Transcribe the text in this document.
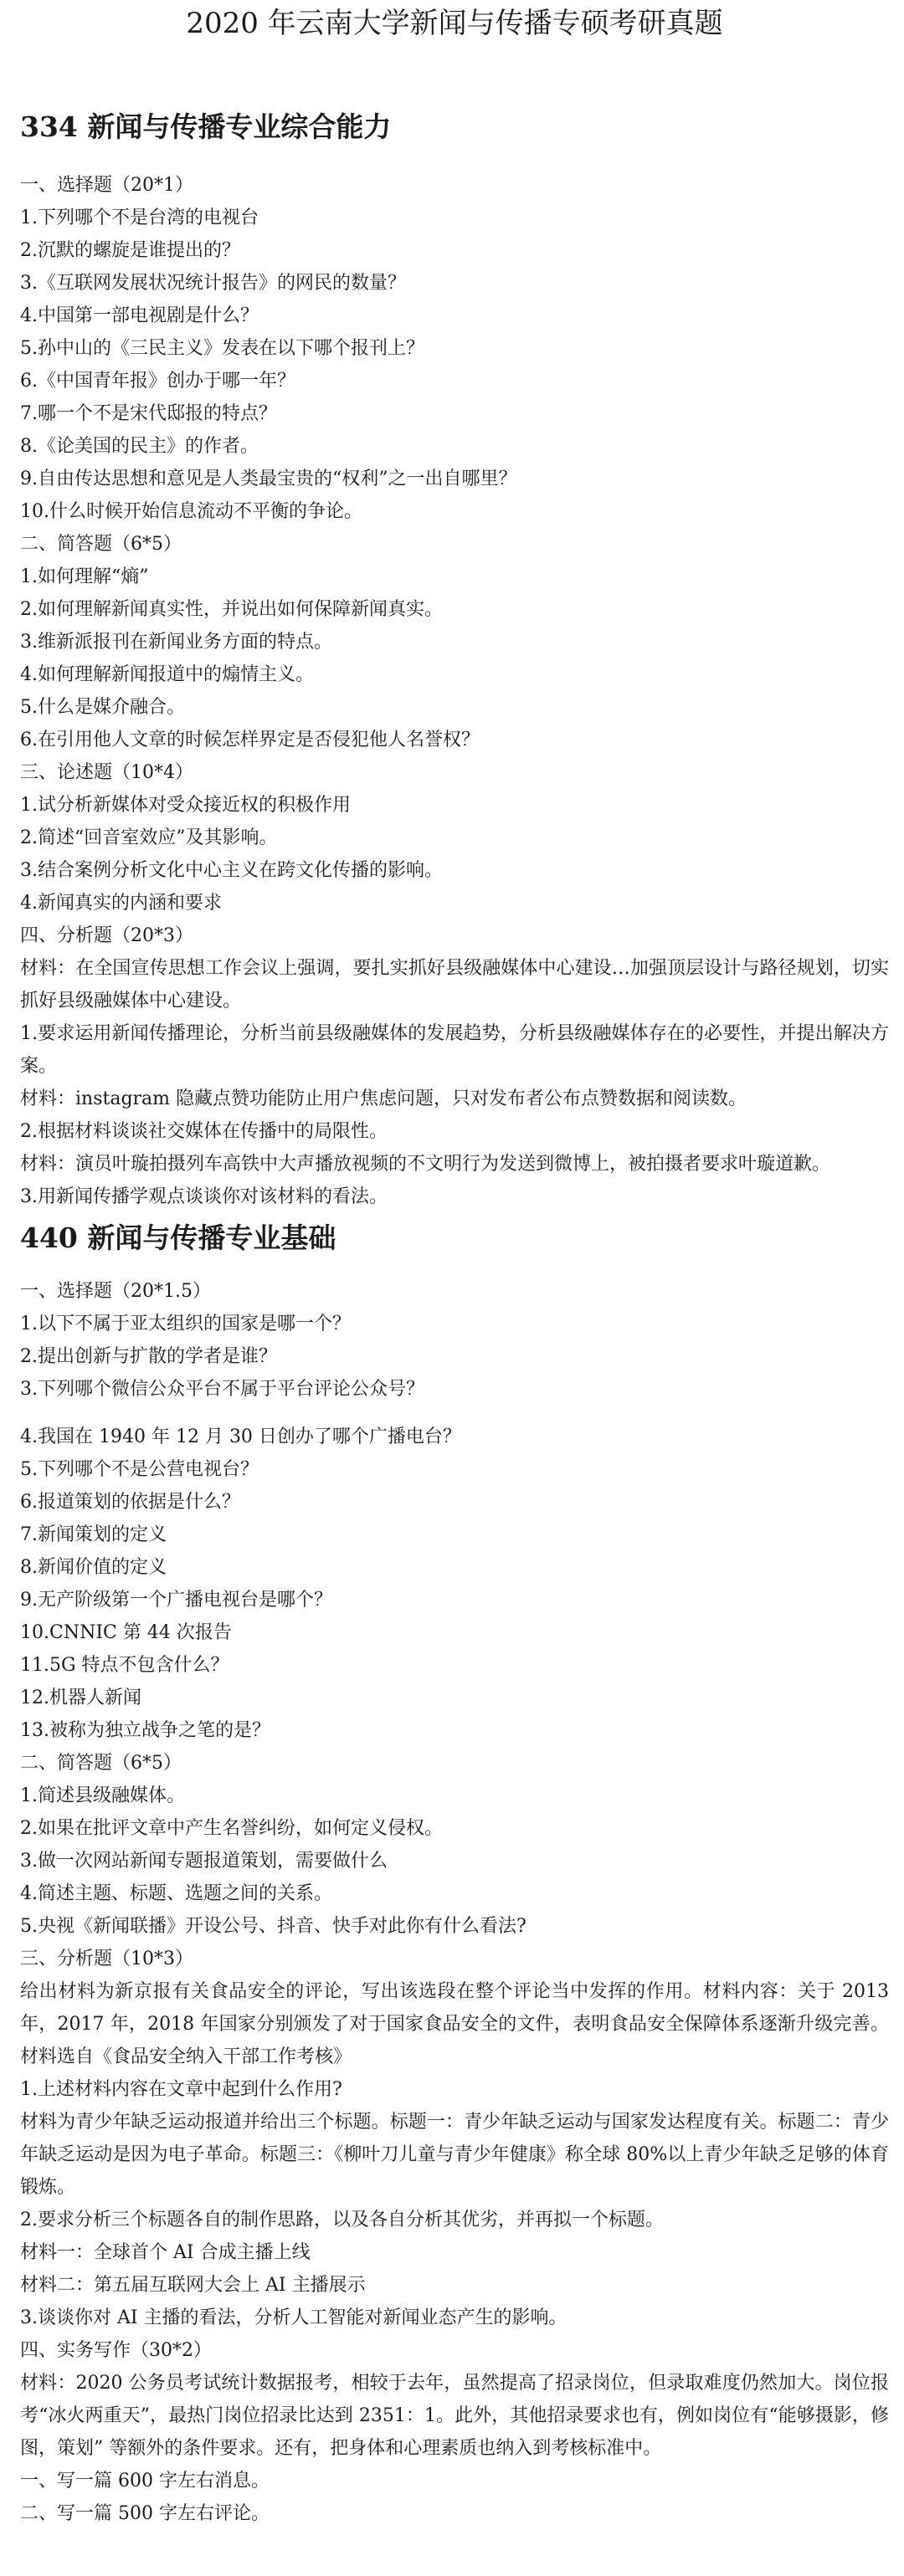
2020 年云南大学新闻与传播专硕考研真题
334 新闻与传播专业综合能力
一、选择题（20*1）
1.下列哪个不是台湾的电视台
2.沉默的螺旋是谁提出的？
3.《互联网发展状况统计报告》的网民的数量？
4.中国第一部电视剧是什么？
5.孙中山的《三民主义》发表在以下哪个报刊上？
6.《中国青年报》创办于哪一年？
7.哪一个不是宋代邸报的特点？
8.《论美国的民主》的作者。
9.自由传达思想和意见是人类最宝贵的“权利”之一出自哪里？
10.什么时候开始信息流动不平衡的争论。
二、简答题（6*5）
1.如何理解“熵”
2.如何理解新闻真实性，并说出如何保障新闻真实。
3.维新派报刊在新闻业务方面的特点。
4.如何理解新闻报道中的煽情主义。
5.什么是媒介融合。
6.在引用他人文章的时候怎样界定是否侵犯他人名誉权？
三、论述题（10*4）
1.试分析新媒体对受众接近权的积极作用
2.简述“回音室效应”及其影响。
3.结合案例分析文化中心主义在跨文化传播的影响。
4.新闻真实的内涵和要求
四、分析题（20*3）
材料：在全国宣传思想工作会议上强调，要扎实抓好县级融媒体中心建设…加强顶层设计与路径规划，切实抓好县级融媒体中心建设。
1.要求运用新闻传播理论，分析当前县级融媒体的发展趋势，分析县级融媒体存在的必要性，并提出解决方案。
材料：instagram 隐藏点赞功能防止用户焦虑问题，只对发布者公布点赞数据和阅读数。
2.根据材料谈谈社交媒体在传播中的局限性。
材料：演员叶璇拍摄列车高铁中大声播放视频的不文明行为发送到微博上，被拍摄者要求叶璇道歉。
3.用新闻传播学观点谈谈你对该材料的看法。
440 新闻与传播专业基础
一、选择题（20*1.5）
1.以下不属于亚太组织的国家是哪一个？
2.提出创新与扩散的学者是谁？
3.下列哪个微信公众平台不属于平台评论公众号？
4.我国在 1940 年 12 月 30 日创办了哪个广播电台？
5.下列哪个不是公营电视台？
6.报道策划的依据是什么？
7.新闻策划的定义
8.新闻价值的定义
9.无产阶级第一个广播电视台是哪个？
10.CNNIC 第 44 次报告
11.5G 特点不包含什么？
12.机器人新闻
13.被称为独立战争之笔的是？
二、简答题（6*5）
1.简述县级融媒体。
2.如果在批评文章中产生名誉纠纷，如何定义侵权。
3.做一次网站新闻专题报道策划，需要做什么
4.简述主题、标题、选题之间的关系。
5.央视《新闻联播》开设公号、抖音、快手对此你有什么看法?
三、分析题（10*3）
给出材料为新京报有关食品安全的评论，写出该选段在整个评论当中发挥的作用。材料内容：关于 2013 年，2017 年，2018 年国家分别颁发了对于国家食品安全的文件，表明食品安全保障体系逐渐升级完善。材料选自《食品安全纳入干部工作考核》
1.上述材料内容在文章中起到什么作用?
材料为青少年缺乏运动报道并给出三个标题。标题一：青少年缺乏运动与国家发达程度有关。标题二：青少年缺乏运动是因为电子革命。标题三：《柳叶刀儿童与青少年健康》称全球 80%以上青少年缺乏足够的体育锻炼。
2.要求分析三个标题各自的制作思路，以及各自分析其优劣，并再拟一个标题。
材料一：全球首个 AI 合成主播上线
材料二：第五届互联网大会上 AI 主播展示
3.谈谈你对 AI 主播的看法，分析人工智能对新闻业态产生的影响。
四、实务写作（30*2）
材料：2020 公务员考试统计数据报考，相较于去年，虽然提高了招录岗位，但录取难度仍然加大。岗位报考“冰火两重天”，最热门岗位招录比达到 2351：1。此外，其他招录要求也有，例如岗位有“能够摄影，修图，策划” 等额外的条件要求。还有，把身体和心理素质也纳入到考核标准中。
一、写一篇 600 字左右消息。
二、写一篇 500 字左右评论。
